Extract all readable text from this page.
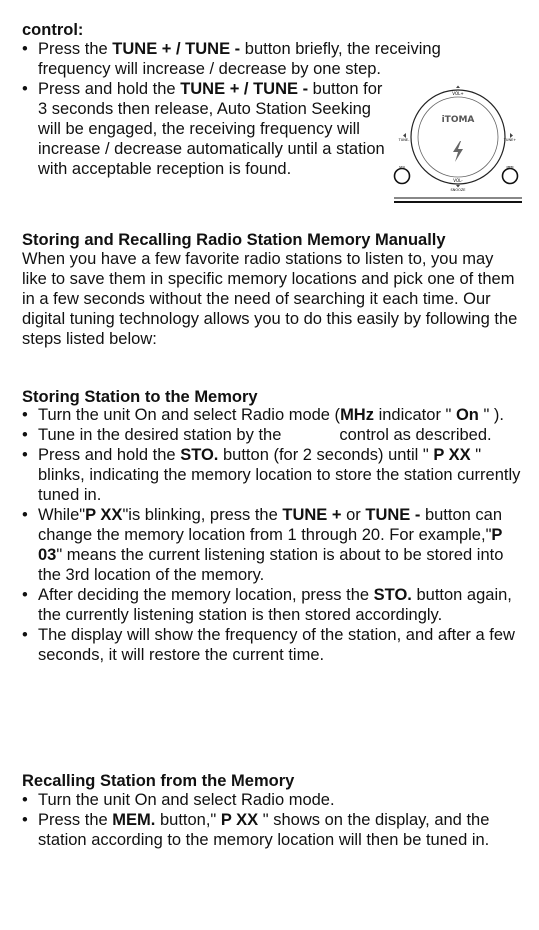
control:
• Press the TUNE + / TUNE - button briefly, the receiving frequency will increase / decrease by one step.
• Press and hold the TUNE + / TUNE - button for 3 seconds then release, Auto Station Seeking will be engaged, the receiving frequency will increase / decrease automatically until a station with acceptable reception is found.
VOL+
VOL-
TUNE-	TUNE+
iTOMA
STO	MEM
SNOOZE
Storing and Recalling Radio Station Memory Manually
When you have a few favorite radio stations to listen to, you may like to save them in specific memory locations and pick one of them in a few seconds without the need of searching it each time. Our digital tuning technology allows you to do this easily by following the steps listed below:
Storing Station to the Memory
• Turn the unit On and select Radio mode (MHz indicator " On " ).
• Tune in the desired station by the	control as described.
• Press and hold the STO. button (for 2 seconds) until " P XX " blinks, indicating the memory location to store the station currently tuned in.
• While"P XX"is blinking, press the TUNE + or TUNE - button can change the memory location from 1 through 20. For example,"P 03" means the current listening station is about to be stored into the 3rd location of the memory.
• After deciding the memory location, press the STO. button again, the currently listening station is then stored accordingly.
• The display will show the frequency of the station, and after a few seconds, it will restore the current time.
Recalling Station from the Memory
• Turn the unit On and select Radio mode.
• Press the MEM. button," P XX " shows on the display, and the station according to the memory location will then be tuned in.
